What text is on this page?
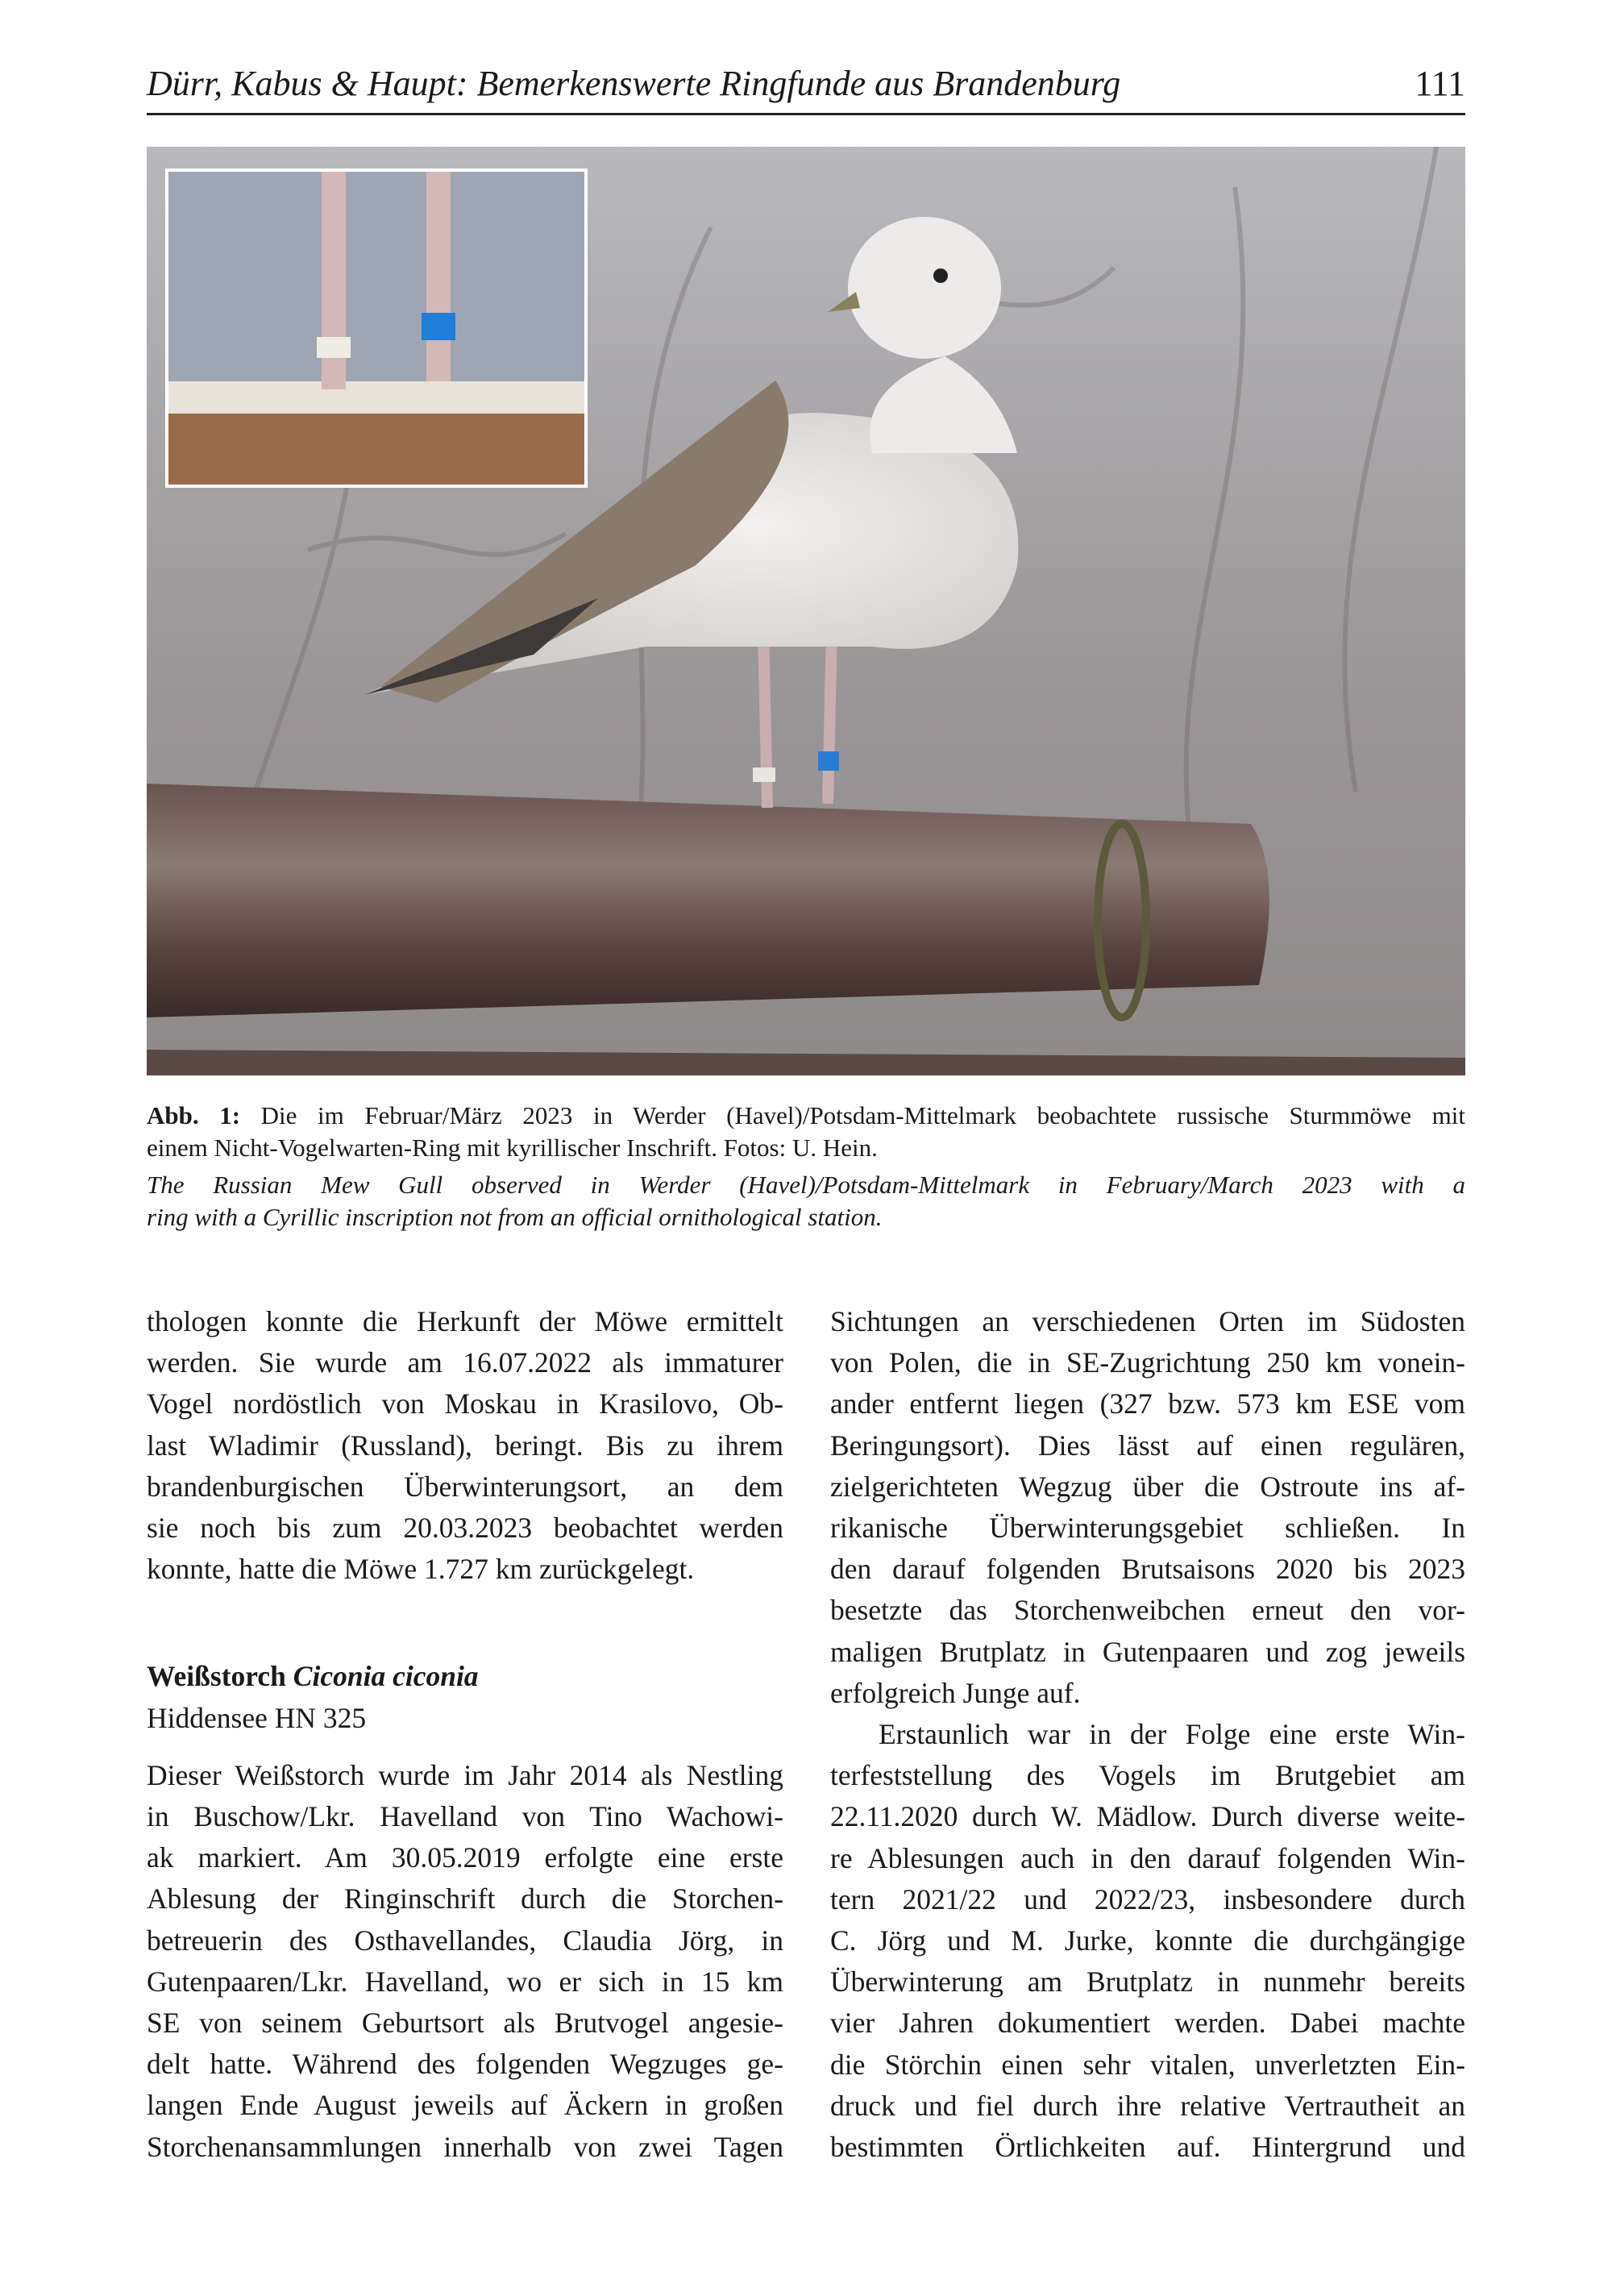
Dürr, Kabus & Haupt: Bemerkenswerte Ringfunde aus Brandenburg	111
Abb. 1: Die im Februar/März 2023 in Werder (Havel)/Potsdam-Mittelmark beobachtete russische Sturmmöwe mit
einem Nicht-Vogelwarten-Ring mit kyrillischer Inschrift. Fotos: U. Hein.
The Russian Mew Gull observed in Werder (Havel)/Potsdam-Mittelmark in February/March 2023 with a
ring with a Cyrillic inscription not from an official ornithological station.
thologen konnte die Herkunft der Möwe ermittelt
werden. Sie wurde am 16.07.2022 als immaturer
Vogel nordöstlich von Moskau in Krasilovo, Ob-
last Wladimir (Russland), beringt. Bis zu ihrem
brandenburgischen Überwinterungsort, an dem
sie noch bis zum 20.03.2023 beobachtet werden
konnte, hatte die Möwe 1.727 km zurückgelegt.
Weißstorch Ciconia ciconia
Hiddensee HN 325
Dieser Weißstorch wurde im Jahr 2014 als Nestling
in Buschow/Lkr. Havelland von Tino Wachowi-
ak markiert. Am 30.05.2019 erfolgte eine erste
Ablesung der Ringinschrift durch die Storchen-
betreuerin des Osthavellandes, Claudia Jörg, in
Gutenpaaren/Lkr. Havelland, wo er sich in 15 km
SE von seinem Geburtsort als Brutvogel angesie-
delt hatte. Während des folgenden Wegzuges ge-
langen Ende August jeweils auf Äckern in großen
Storchenansammlungen innerhalb von zwei Tagen
Sichtungen an verschiedenen Orten im Südosten
von Polen, die in SE-Zugrichtung 250 km vonein-
ander entfernt liegen (327 bzw. 573 km ESE vom
Beringungsort). Dies lässt auf einen regulären,
zielgerichteten Wegzug über die Ostroute ins af-
rikanische Überwinterungsgebiet schließen. In
den darauf folgenden Brutsaisons 2020 bis 2023
besetzte das Storchenweibchen erneut den vor-
maligen Brutplatz in Gutenpaaren und zog jeweils
erfolgreich Junge auf.
Erstaunlich war in der Folge eine erste Win-
terfeststellung des Vogels im Brutgebiet am
22.11.2020 durch W. Mädlow. Durch diverse weite-
re Ablesungen auch in den darauf folgenden Win-
tern 2021/22 und 2022/23, insbesondere durch
C. Jörg und M. Jurke, konnte die durchgängige
Überwinterung am Brutplatz in nunmehr bereits
vier Jahren dokumentiert werden. Dabei machte
die Störchin einen sehr vitalen, unverletzten Ein-
druck und fiel durch ihre relative Vertrautheit an
bestimmten Örtlichkeiten auf. Hintergrund und
